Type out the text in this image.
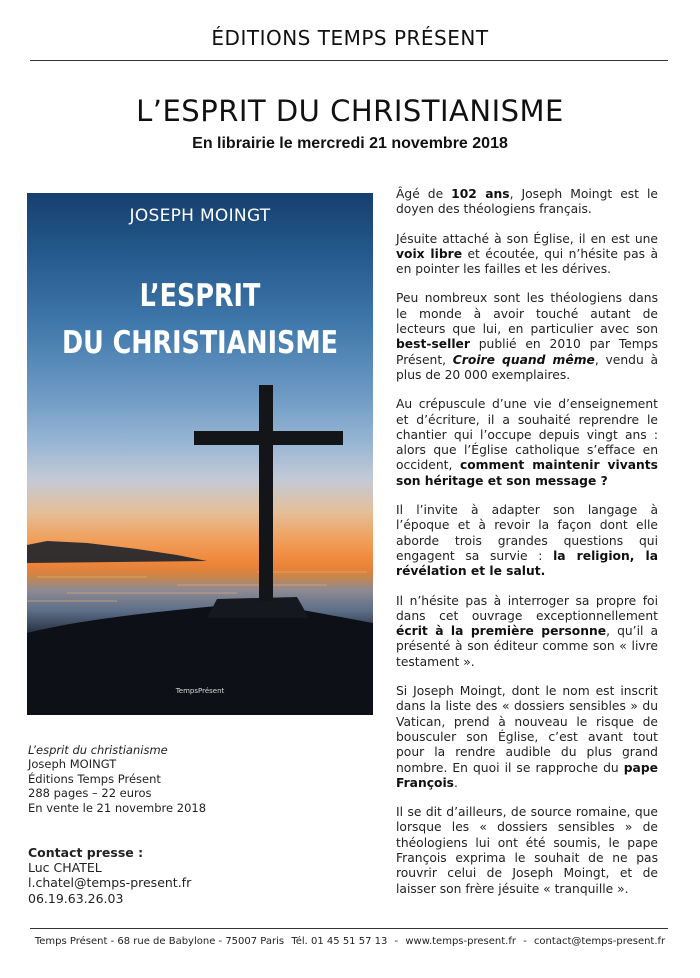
ÉDITIONS TEMPS PRÉSENT
L’ESPRIT DU CHRISTIANISME
En librairie le mercredi 21 novembre 2018
JOSEPH MOINGT
L’ESPRIT
DU CHRISTIANISME
TempsPrésent
L’esprit du christianisme
Joseph MOINGT
Éditions Temps Présent
288 pages – 22 euros
En vente le 21 novembre 2018
Contact presse :
Luc CHATEL
l.chatel@temps-present.fr
06.19.63.26.03

Âgé de 102 ans, Joseph Moingt est le doyen des théologiens français.

Jésuite attaché à son Église, il en est une voix libre et écoutée, qui n’hésite pas à en pointer les failles et les dérives.

Peu nombreux sont les théologiens dans le monde à avoir touché autant de lecteurs que lui, en particulier avec son best-seller publié en 2010 par Temps Présent, Croire quand même, vendu à plus de 20 000 exemplaires.

Au crépuscule d’une vie d’enseignement et d’écriture, il a souhaité reprendre le chantier qui l’occupe depuis vingt ans : alors que l’Église catholique s’efface en occident, comment maintenir vivants son héritage et son message ?

Il l’invite à adapter son langage à l’époque et à revoir la façon dont elle aborde trois grandes questions qui engagent sa survie : la religion, la révélation et le salut.

Il n’hésite pas à interroger sa propre foi dans cet ouvrage exceptionnellement écrit à la première personne, qu’il a présenté à son éditeur comme son « livre testament ».

Si Joseph Moingt, dont le nom est inscrit dans la liste des « dossiers sensibles » du Vatican, prend à nouveau le risque de bousculer son Église, c’est avant tout pour la rendre audible du plus grand nombre. En quoi il se rapproche du pape François.

Il se dit d’ailleurs, de source romaine, que lorsque les « dossiers sensibles » de théologiens lui ont été soumis, le pape François exprima le souhait de ne pas rouvrir celui de Joseph Moingt, et de laisser son frère jésuite « tranquille ».

Temps Présent - 68 rue de Babylone - 75007 Paris Tél. 01 45 51 57 13 - www.temps-present.fr - contact@temps-present.fr
